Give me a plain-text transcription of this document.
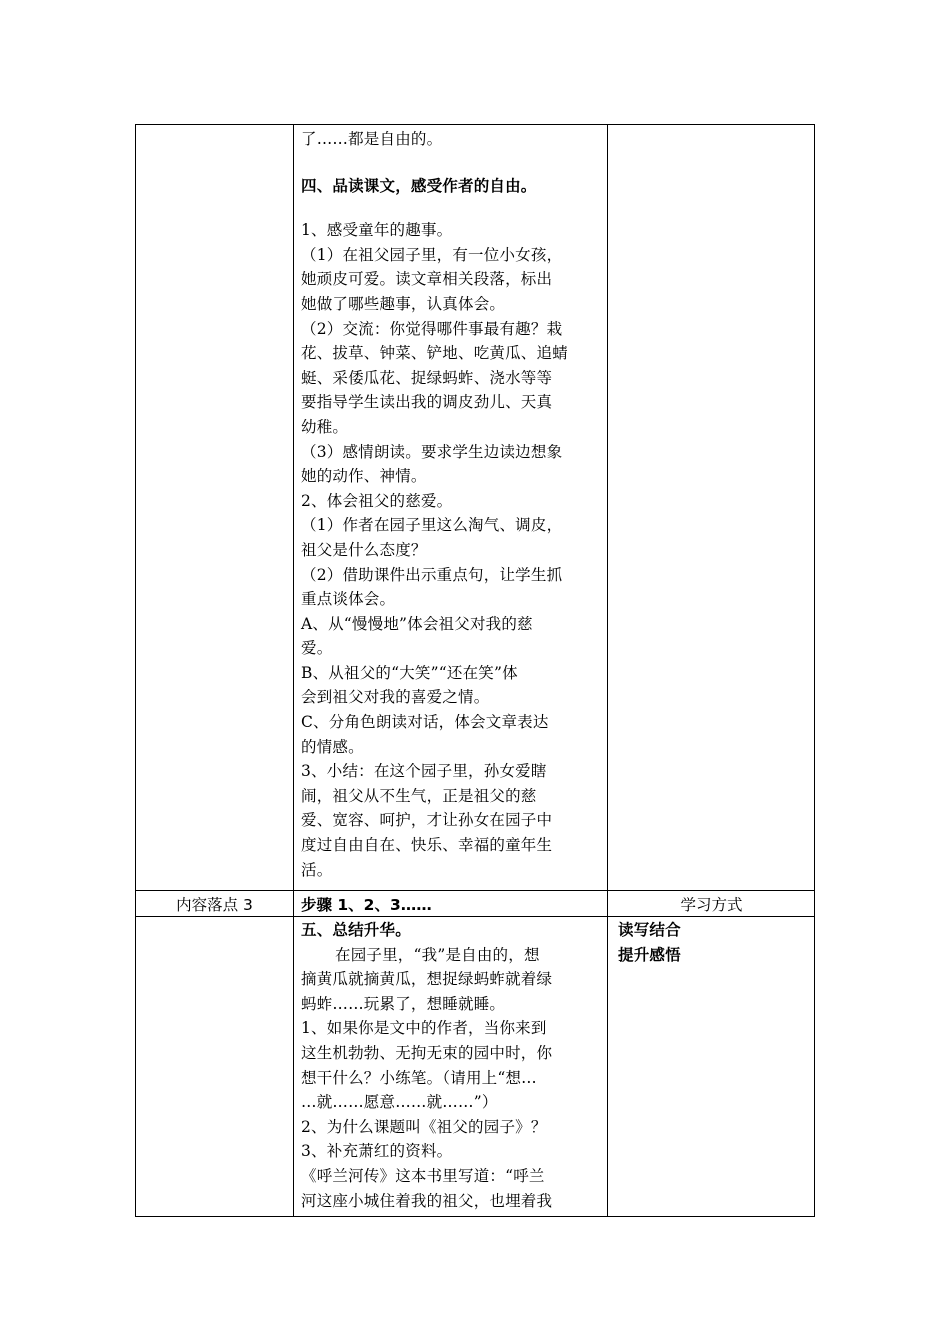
了……都是自由的。
四、品读课文，感受作者的自由。
1、感受童年的趣事。
（1）在祖父园子里，有一位小女孩，
她顽皮可爱。读文章相关段落，标出
她做了哪些趣事，认真体会。
（2）交流：你觉得哪件事最有趣？栽
花、拔草、钟菜、铲地、吃黄瓜、追蜻
蜓、采倭瓜花、捉绿蚂蚱、浇水等等
要指导学生读出我的调皮劲儿、天真
幼稚。
（3）感情朗读。要求学生边读边想象
她的动作、神情。
2、体会祖父的慈爱。
（1）作者在园子里这么淘气、调皮，
祖父是什么态度？
（2）借助课件出示重点句，让学生抓
重点谈体会。
A、从“慢慢地”体会祖父对我的慈
爱。
B、从祖父的“大笑”“还在笑”体
会到祖父对我的喜爱之情。
C、分角色朗读对话，体会文章表达
的情感。
3、小结：在这个园子里，孙女爱瞎
闹，祖父从不生气，正是祖父的慈
爱、宽容、呵护，才让孙女在园子中
度过自由自在、快乐、幸福的童年生
活。
内容落点 3	步骤 1、2、3……	学习方式
五、总结升华。
在园子里，“我”是自由的，想
摘黄瓜就摘黄瓜，想捉绿蚂蚱就着绿
蚂蚱……玩累了，想睡就睡。
1、如果你是文中的作者，当你来到
这生机勃勃、无拘无束的园中时，你
想干什么？小练笔。（请用上“想…
…就……愿意……就……”）
2、为什么课题叫《祖父的园子》？
3、补充萧红的资料。
《呼兰河传》这本书里写道：“呼兰
河这座小城住着我的祖父，也埋着我
读写结合
提升感悟
